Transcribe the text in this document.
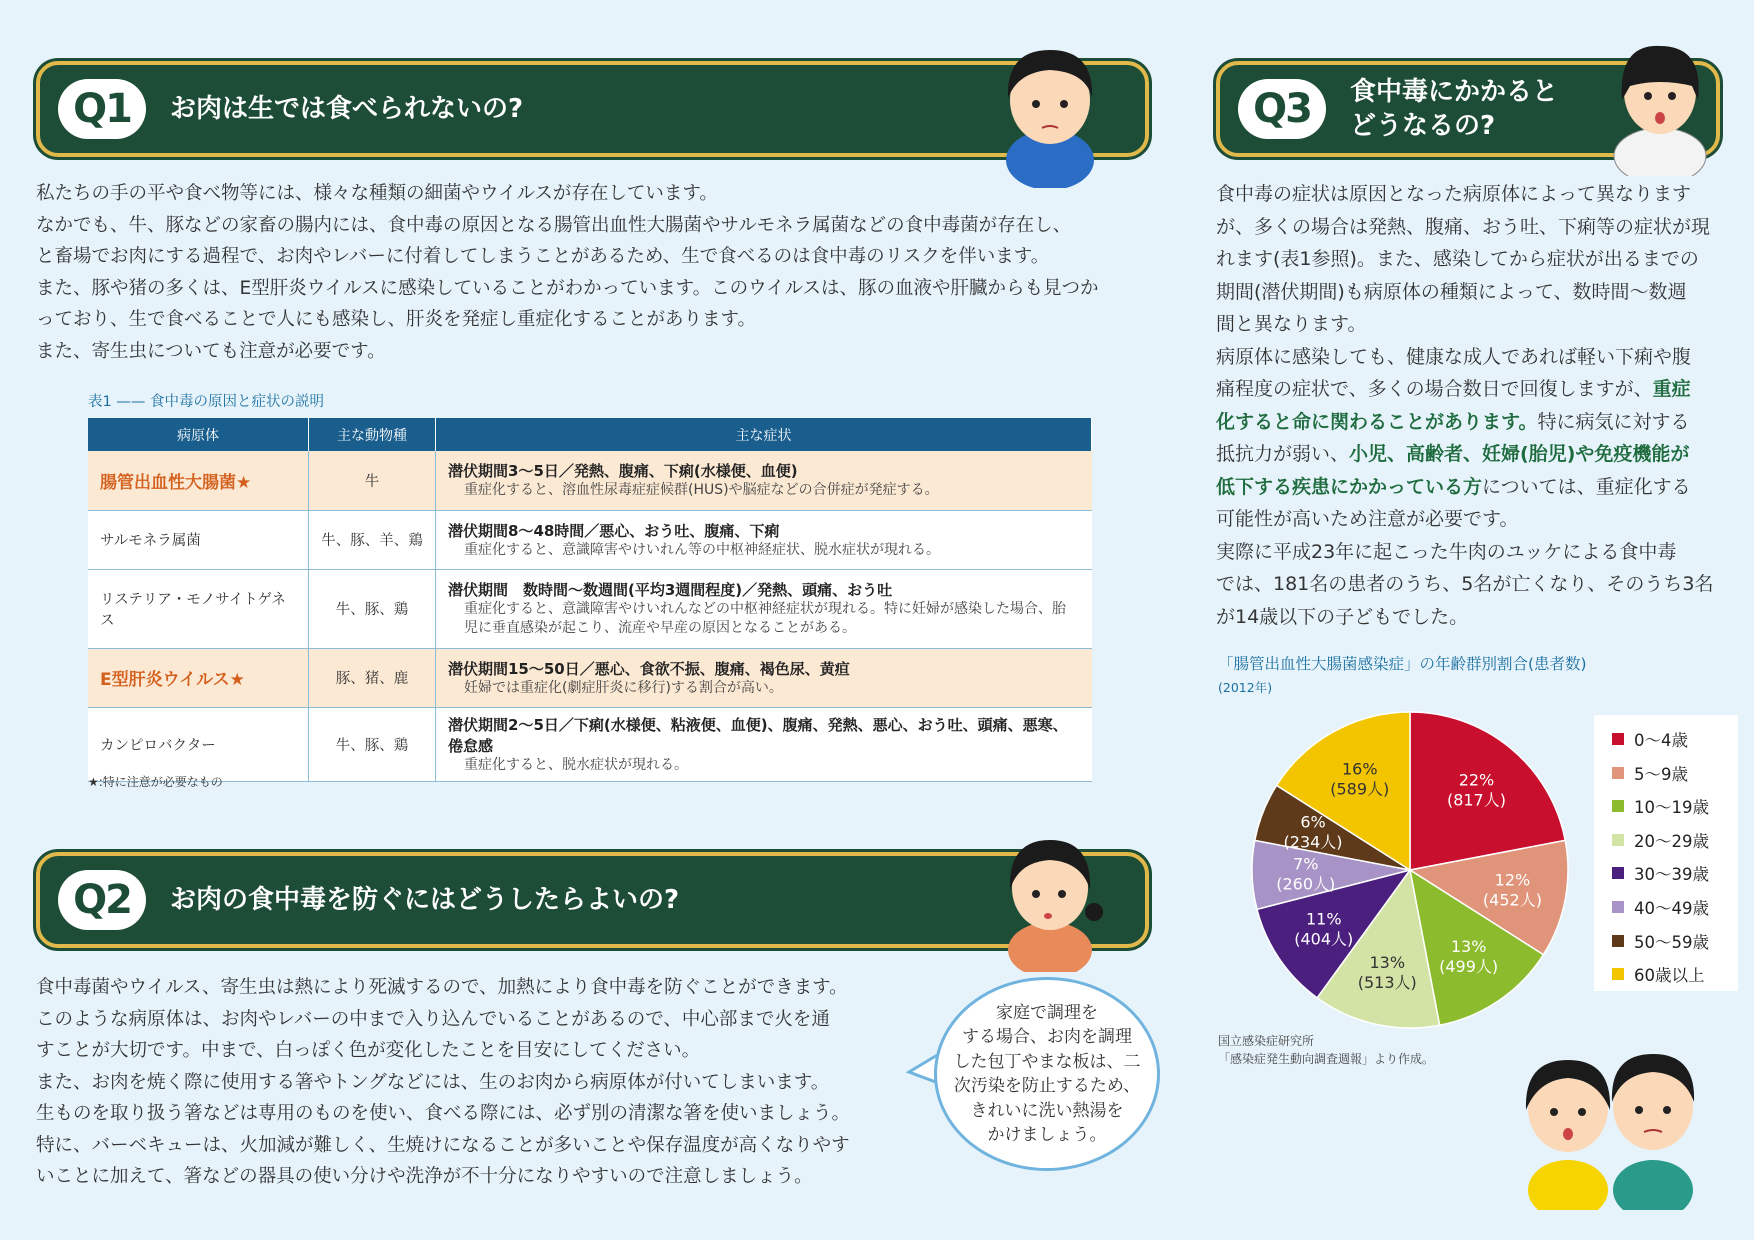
Q1	お肉は生では食べられないの?

私たちの手の平や食べ物等には、様々な種類の細菌やウイルスが存在しています。

なかでも、牛、豚などの家畜の腸内には、食中毒の原因となる腸管出血性大腸菌やサルモネラ属菌などの食中毒菌が存在し、

と畜場でお肉にする過程で、お肉やレバーに付着してしまうことがあるため、生で食べるのは食中毒のリスクを伴います。

また、豚や猪の多くは、E型肝炎ウイルスに感染していることがわかっています。このウイルスは、豚の血液や肝臓からも見つか

っており、生で食べることで人にも感染し、肝炎を発症し重症化することがあります。

また、寄生虫についても注意が必要です。

表1 —— 食中毒の原因と症状の説明
病原体	主な動物種	主な症状
腸管出血性大腸菌★	牛	潜伏期間3〜5日／発熱、腹痛、下痢(水様便、血便)
重症化すると、溶血性尿毒症症候群(HUS)や脳症などの合併症が発症する。

サルモネラ属菌	牛、豚、羊、鶏	潜伏期間8〜48時間／悪心、おう吐、腹痛、下痢
重症化すると、意識障害やけいれん等の中枢神経症状、脱水症状が現れる。

リステリア・モノサイトゲネス	牛、豚、鶏	潜伏期間　数時間〜数週間(平均3週間程度)／発熱、頭痛、おう吐
重症化すると、意識障害やけいれんなどの中枢神経症状が現れる。特に妊婦が感染した場合、胎児に垂直感染が起こり、流産や早産の原因となることがある。

E型肝炎ウイルス★	豚、猪、鹿	潜伏期間15〜50日／悪心、食欲不振、腹痛、褐色尿、黄疸
妊婦では重症化(劇症肝炎に移行)する割合が高い。

カンピロバクター	牛、豚、鶏	潜伏期間2〜5日／下痢(水様便、粘液便、血便)、腹痛、発熱、悪心、おう吐、頭痛、悪寒、倦怠感
重症化すると、脱水症状が現れる。
★:特に注意が必要なもの
Q2	お肉の食中毒を防ぐにはどうしたらよいの?

食中毒菌やウイルス、寄生虫は熱により死滅するので、加熱により食中毒を防ぐことができます。

このような病原体は、お肉やレバーの中まで入り込んでいることがあるので、中心部まで火を通

すことが大切です。中まで、白っぽく色が変化したことを目安にしてください。

また、お肉を焼く際に使用する箸やトングなどには、生のお肉から病原体が付いてしまいます。

生ものを取り扱う箸などは専用のものを使い、食べる際には、必ず別の清潔な箸を使いましょう。

特に、バーベキューは、火加減が難しく、生焼けになることが多いことや保存温度が高くなりやす

いことに加えて、箸などの器具の使い分けや洗浄が不十分になりやすいので注意しましょう。

家庭で調理を
する場合、お肉を調理
した包丁やまな板は、二
次汚染を防止するため、
きれいに洗い熱湯を
かけましょう。
Q3	食中毒にかかると
どうなるの?

食中毒の症状は原因となった病原体によって異なります

が、多くの場合は発熱、腹痛、おう吐、下痢等の症状が現

れます(表1参照)。また、感染してから症状が出るまでの

期間(潜伏期間)も病原体の種類によって、数時間〜数週

間と異なります。

病原体に感染しても、健康な成人であれば軽い下痢や腹

痛程度の症状で、多くの場合数日で回復しますが、重症

化すると命に関わることがあります。特に病気に対する

抵抗力が弱い、小児、高齢者、妊婦(胎児)や免疫機能が

低下する疾患にかかっている方については、重症化する

可能性が高いため注意が必要です。

実際に平成23年に起こった牛肉のユッケによる食中毒

では、181名の患者のうち、5名が亡くなり、そのうち3名

が14歳以下の子どもでした。

「腸管出血性大腸菌感染症」の年齢群別割合(患者数)
(2012年)
22%
(817人)
12%
(452人)
13%
(499人)
13%
(513人)
11%
(404人)
7%
(260人)
6%
(234人)
16%
(589人)
0〜4歳
5〜9歳
10〜19歳
20〜29歳
30〜39歳
40〜49歳
50〜59歳
60歳以上
国立感染症研究所
「感染症発生動向調査週報」より作成。
